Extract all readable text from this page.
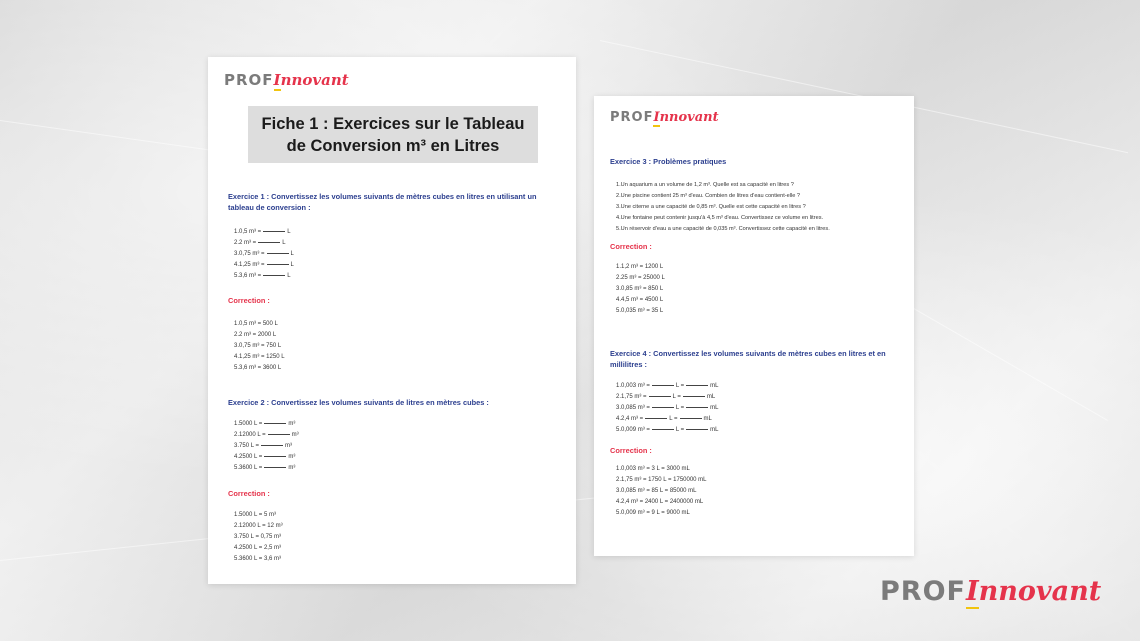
PROFInnovant
Fiche 1 : Exercices sur le Tableau
de Conversion m³ en Litres
Exercice 1 : Convertissez les volumes suivants de mètres cubes en litres en utilisant un tableau de conversion :
1.0,5 m³ =	L
2.2 m³ =	L
3.0,75 m³ =	L
4.1,25 m³ =	L
5.3,6 m³ =	L
Correction :
1.0,5 m³ = 500 L
2.2 m³ = 2000 L
3.0,75 m³ = 750 L
4.1,25 m³ = 1250 L
5.3,6 m³ = 3600 L
Exercice 2 : Convertissez les volumes suivants de litres en mètres cubes :
1.5000 L =	m³
2.12000 L =	m³
3.750 L =	m³
4.2500 L =	m³
5.3600 L =	m³
Correction :
1.5000 L = 5 m³
2.12000 L = 12 m³
3.750 L = 0,75 m³
4.2500 L = 2,5 m³
5.3600 L = 3,6 m³
PROFInnovant
Exercice 3 : Problèmes pratiques
1.Un aquarium a un volume de 1,2 m³. Quelle est sa capacité en litres ?
2.Une piscine contient 25 m³ d'eau. Combien de litres d'eau contient-elle ?
3.Une citerne a une capacité de 0,85 m³. Quelle est cette capacité en litres ?
4.Une fontaine peut contenir jusqu'à 4,5 m³ d'eau. Convertissez ce volume en litres.
5.Un réservoir d'eau a une capacité de 0,035 m³. Convertissez cette capacité en litres.
Correction :
1.1,2 m³ = 1200 L
2.25 m³ = 25000 L
3.0,85 m³ = 850 L
4.4,5 m³ = 4500 L
5.0,035 m³ = 35 L
Exercice 4 : Convertissez les volumes suivants de mètres cubes en litres et en millilitres :
1.0,003 m³ =	L =	mL
2.1,75 m³ =	L =	mL
3.0,085 m³ =	L =	mL
4.2,4 m³ =	L =	mL
5.0,009 m³ =	L =	mL
Correction :
1.0,003 m³ = 3 L = 3000 mL
2.1,75 m³ = 1750 L = 1750000 mL
3.0,085 m³ = 85 L = 85000 mL
4.2,4 m³ = 2400 L = 2400000 mL
5.0,009 m³ = 9 L = 9000 mL
PROFInnovant
